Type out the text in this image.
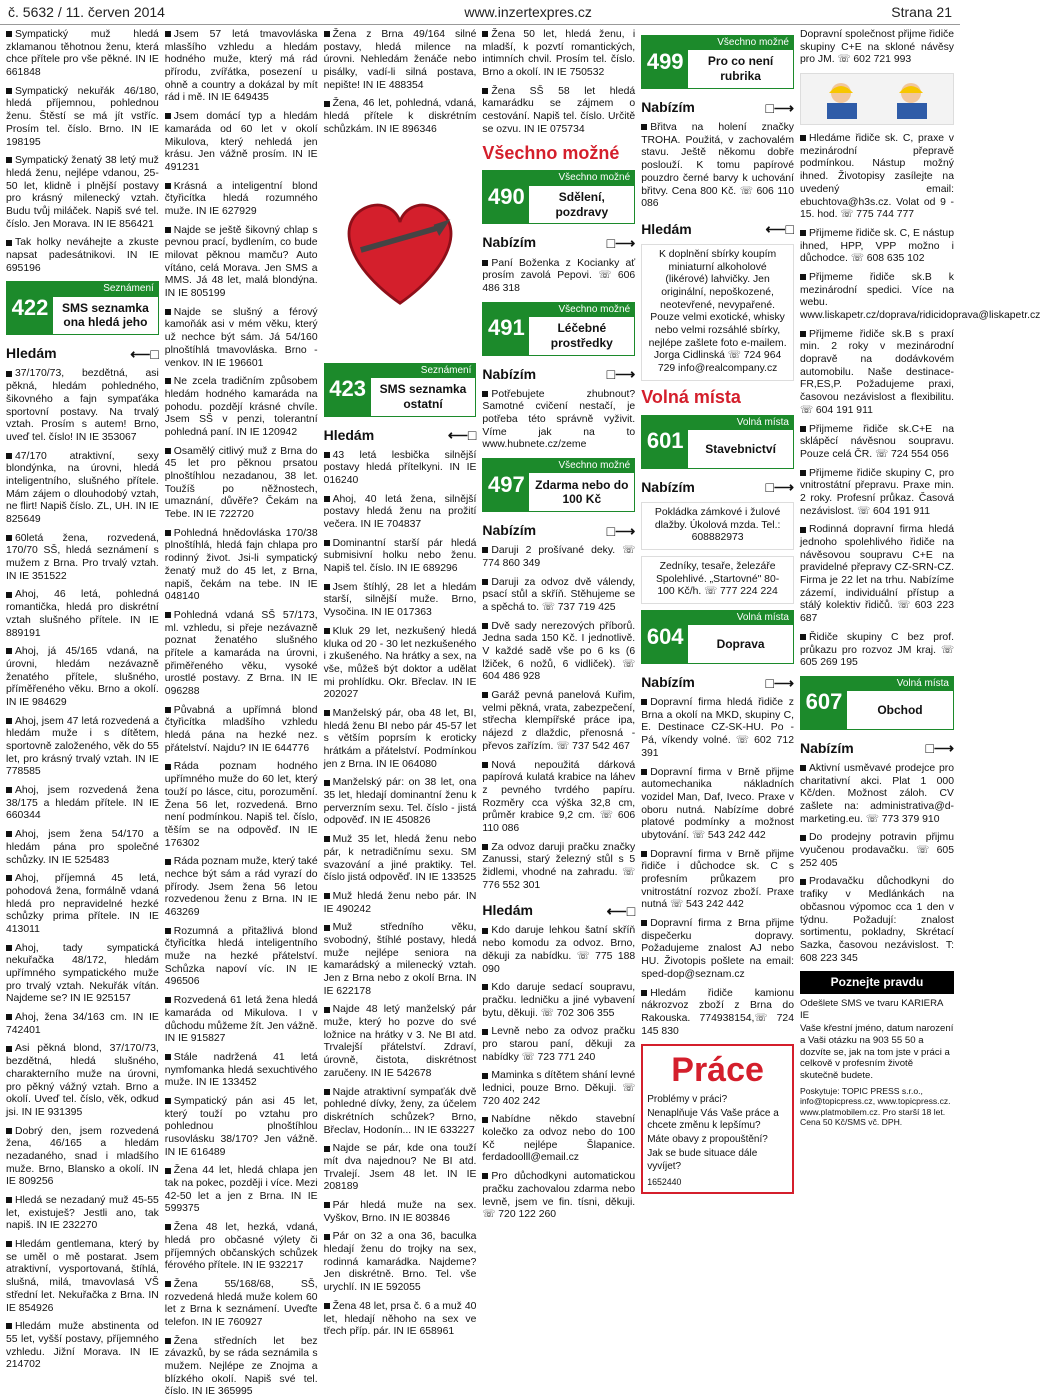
č. 5632 / 11. červen 2014	www.inzertexpres.cz	Strana 21
Sympatický muž hledá zklamanou těhotnou ženu, která chce přítele pro vše pěkné. IN IE 661848
Sympatický nekuřák 46/180, hledá příjemnou, pohlednou ženu. Štěstí se má jít vstříc. Prosím tel. číslo. Brno. IN IE 198195
Sympatický ženatý 38 letý muž hledá ženu, nejlépe vdanou, 25-50 let, klidně i plnější postavy pro krásný milenecký vztah. Budu tvůj miláček. Napiš své tel. číslo. Jen Morava. IN IE 856421
Tak holky neváhejte a zkuste napsat padesátnikovi. IN IE 695196
422
Seznámení
SMS seznamka ona hledá jeho
Hledám	⟵□
37/170/73, bezdětná, asi pěkná, hledám pohledného, šikovného a fajn sympaťáka sportovní postavy. Na trvalý vztah. Prosím s autem! Brno, uveď tel. číslo! IN IE 353067
47/170 atraktivní, sexy blondýnka, na úrovni, hledá inteligentního, slušného přítele. Mám zájem o dlouhodobý vztah, ne flirt! Napiš číslo. ZL, UH. IN IE 825649
60letá žena, rozvedená, 170/70 SŠ, hledá seznámení s mužem z Brna. Pro trvalý vztah. IN IE 351522
Ahoj, 46 letá, pohledná romantička, hledá pro diskrétní vztah slušného přítele. IN IE 889191
Ahoj, já 45/165 vdaná, na úrovni, hledám nezávazně ženatého přítele, slušného, příměřeného věku. Brno a okolí. IN IE 984629
Ahoj, jsem 47 letá rozvedená a hledám muže i s dítětem, sportovně založeného, věk do 55 let, pro krásný trvalý vztah. IN IE 778585
Ahoj, jsem rozvedená žena 38/175 a hledám přítele. IN IE 660344
Ahoj, jsem žena 54/170 a hledám pána pro společné schůzky. IN IE 525483
Ahoj, příjemná 45 letá, pohodová žena, formálně vdaná hledá pro nepravidelné hezké schůzky prima přítele. IN IE 413011
Ahoj, tady sympatická nekuřačka 48/172, hledám upřímného sympatického muže pro trvalý vztah. Nekuřák vítán. Najdeme se? IN IE 925157
Ahoj, žena 34/163 cm. IN IE 742401
Asi pěkná blond, 37/170/73, bezdětná, hledá slušného, charakterního muže na úrovni, pro pěkný vážný vztah. Brno a okolí. Uveď tel. číslo, věk, odkud jsi. IN IE 931395
Dobrý den, jsem rozvedená žena, 46/165 a hledám nezadaného, snad i mladšího muže. Brno, Blansko a okolí. IN IE 809256
Hledá se nezadaný muž 45-55 let, existuješ? Jestli ano, tak napiš. IN IE 232270
Hledám gentlemana, který by se uměl o mě postarat. Jsem atraktivní, vysportovaná, štíhlá, slušná, milá, tmavovlasá VŠ střední let. Nekuřačka z Brna. IN IE 854926
Hledám muže abstinenta od 55 let, vyšší postavy, příjemného vzhledu. Jižní Morava. IN IE 214702
Jsem 57 letá tmavovláska mlasšího vzhledu a hledám hodného muže, který má rád přírodu, zvířátka, posezení u ohně a country a dokázal by mít rád i mě. IN IE 649435
Jsem domácí typ a hledám kamaráda od 60 let v okolí Mikulova, který nehledá jen krásu. Jen vážně prosím. IN IE 491231
Krásná a inteligentní blond čtyřicítka hledá rozumného muže. IN IE 627929
Najde se ještě šikovný chlap s pevnou prací, bydlením, co bude milovat pěknou mamču? Auto vítáno, celá Morava. Jen SMS a MMS. Já 48 let, malá blondýna. IN IE 805199
Najde se slušný a férový kamoňák asi v mém věku, který už nechce být sám. Já 54/160 plnoštíhlá tmavovláska. Brno - venkov. IN IE 196601
Ne zcela tradičním způsobem hledám hodného kamaráda na pohodu. pozdějí krásné chvíle. Jsem SŠ v penzi, tolerantní pohledná paní. IN IE 120942
Osamělý citlivý muž z Brna do 45 let pro pěknou prsatou plnoštíhlou nezadanou, 38 let. Toužíš po něžnostech, umaznání, důvěře? Čekám na Tebe. IN IE 722720
Pohledná hnědovláska 170/38 plnoštíhlá, hledá fajn chlapa pro rodinný život. Jsi-li sympatický ženatý muž do 45 let, z Brna, napiš, čekám na tebe. IN IE 048140
Pohledná vdaná SŠ 57/173, ml. vzhledu, si přeje nezávazně poznat ženatého slušného přítele a kamaráda na úrovni, přiměřeného věku, vysoké urostlé postavy. Z Brna. IN IE 096288
Půvabná a upřímná blond čtyřicítka mladšího vzhledu hledá pána na hezké nez. přátelství. Najdu? IN IE 644776
Ráda poznam hodného upřímného muže do 60 let, který touží po lásce, citu, porozumění. Žena 56 let, rozvedená. Brno není podmínkou. Napiš tel. číslo, těším se na odpověď. IN IE 176302
Ráda poznam muže, který také nechce být sám a rád vyrazí do přírody. Jsem žena 56 letou rozvedenou ženu z Brna. IN IE 463269
Rozumná a přitažlivá blond čtyřicítka hledá inteligentního muže na hezké přátelství. Schůzka napoví víc. IN IE 496506
Rozvedená 61 letá žena hledá kamaráda od Mikulova. I v důchodu můžeme žít. Jen vážně. IN IE 915827
Stále nadržená 41 letá nymfomanka hledá sexuchtivého muže. IN IE 133452
Sympatický pán asi 45 let, který touží po vztahu pro pohlednou plnoštíhlou rusovlásku 38/170? Jen vážně. IN IE 616489
Žena 44 let, hledá chlapa jen tak na pokec, později i více. Mezi 42-50 let a jen z Brna. IN IE 599375
Žena 48 let, hezká, vdaná, hledá pro občasné výlety či příjemných občanských schůzek férového přítele. IN IE 932217
Žena 55/168/68, SŠ, rozvedená hledá muže kolem 60 let z Brna k seznámení. Uveďte telefon. IN IE 760927
Žena středních let bez závazků, by se ráda seznámila s mužem. Nejlépe ze Znojma a blízkého okolí. Napiš své tel. číslo. IN IE 365995
Žena z Brna 49/164 silné postavy, hledá milence na úrovni. Nehledám ženáče nebo pisálky, vadí-li silná postava, nepište! IN IE 488354
Žena, 46 let, pohledná, vdaná, hledá přítele k diskrétním schůzkám. IN IE 896346
423
Seznámení
SMS seznamka ostatní
Hledám	⟵□
43 letá lesbička silnější postavy hledá přítelkyni. IN IE 016240
Ahoj, 40 letá žena, silnější postavy hledá ženu na prožití večera. IN IE 704837
Dominantní starší pár hledá submisivní holku nebo ženu. Napiš tel. číslo. IN IE 689296
Jsem štíhlý, 28 let a hledám starší, silnější muže. Brno, Vysočina. IN IE 017363
Kluk 29 let, nezkušený hledá kluka od 20 - 30 let nezkušeného i zkušeného. Na hrátky a sex, na vše, můžeš být doktor a udělat mi prohlídku. Okr. Břeclav. IN IE 202027
Manželský pár, oba 48 let, BI, hledá ženu BI nebo pár 45-57 let s větším poprsím k eroticky hrátkám a přátelství. Podmínkou jen z Brna. IN IE 064080
Manželský pár: on 38 let, ona 35 let, hledají dominantní ženu k perverzním sexu. Tel. číslo - jistá odpověď. IN IE 450826
Muž 35 let, hledá ženu nebo pár, k netradičnímu sexu. SM svazování a jiné praktiky. Tel. číslo jistá odpověď. IN IE 133525
Muž hledá ženu nebo pár. IN IE 490242
Muž středního věku, svobodný, štíhlé postavy, hledá muže nejlépe seniora na kamarádský a milenecký vztah. Jen z Brna nebo z okolí Brna. IN IE 622178
Najde 48 letý manželský pár muže, který ho pozve do své ložnice na hrátky v 3. Ne BI atd. Trvalejší přátelství. Zdraví, úrovně, čistota, diskrétnost zaručeny. IN IE 542678
Najde atraktivní sympaťák dvě pohledné dívky, ženy, za účelem diskrétních schůzek? Brno, Břeclav, Hodonín... IN IE 633227
Najde se pár, kde ona touží mít dva najednou? Ne BI atd. Trvalejí. Jsem 48 let. IN IE 208189
Pár hledá muže na sex. Vyškov, Brno. IN IE 803846
Pár on 32 a ona 36, baculka hledají ženu do trojky na sex, rodinná kamarádka. Najdeme? Jen diskrétně. Brno. Tel. vše urychlí. IN IE 592055
Žena 48 let, prsa č. 6 a muž 40 let, hledají něhoho na sex ve třech příp. pár. IN IE 658961
Žena 50 let, hledá ženu, i mladší, k pozvtí romantických, intimních chvil. Prosím tel. číslo. Brno a okolí. IN IE 750532
Žena SŠ 58 let hledá kamarádku se zájmem o cestování. Napiš tel. číslo. Určitě se ozvu. IN IE 075734
Všechno možné
490
Všechno možné
Sdělení, pozdravy
Nabízím	□⟶
Paní Boženka z Kocianky ať prosím zavolá Pepovi. ☏ 606 486 318
491
Všechno možné
Léčebné prostředky
Nabízím	□⟶
Potřebujete zhubnout? Samotné cvičení nestačí, je potřeba této správně vyživit. Víme jak na to www.hubnete.cz/zeme
497
Všechno možné
Zdarma nebo do 100 Kč
Nabízím	□⟶
Daruji 2 prošívané deky. ☏ 774 860 349
Daruji za odvoz dvě válendy, psací stůl a skříň. Stěhujeme se a spěchá to. ☏ 737 719 425
Dvě sady nerezových příborů. Jedna sada 150 Kč. I jednotlivě. V každé sadě vše po 6 ks (6 lžiček, 6 nožů, 6 vidliček). ☏ 604 486 928
Garáž pevná panelová Kuřim, velmi pěkná, vrata, zabezpečení, střecha klempířské práce ipa, nájezd z dlaždic, přenosná - převos zařízím. ☏ 737 542 467
Nová nepoužitá dárková papírová kulatá krabice na láhev z pevného tvrdého papíru. Rozměry cca výška 32,8 cm, průměr krabice 9,2 cm. ☏ 606 110 086
Za odvoz daruji pračku značky Zanussi, starý železný stůl s 5 židlemi, vhodné na zahradu. ☏ 776 552 301
Hledám	⟵□
Kdo daruje lehkou šatní skříň nebo komodu za odvoz. Brno, děkuji za nabídku. ☏ 775 188 090
Kdo daruje sedací soupravu, pračku. ledničku a jiné vybavení bytu, děkuji. ☏ 702 306 355
Levně nebo za odvoz pračku pro starou paní, děkuji za nabídky ☏ 723 771 240
Maminka s dítětem shání levné lednici, pouze Brno. Děkuji. ☏ 720 402 242
Nabídne někdo stavební kolečko za odvoz nebo do 100 Kč nejlépe Šlapanice. ferdadoolll@email.cz
Pro důchodkyni automatickou pračku zachovalou zdarma nebo levně, jsem ve fin. tísni, děkuji. ☏ 720 122 260
499
Všechno možné
Pro co není rubrika
Nabízím	□⟶
Břitva na holení značky TROHA. Použitá, v zachovalém stavu. Ještě někomu dobře poslouží. K tomu papírové pouzdro černé barvy k uchování břitvy. Cena 800 Kč. ☏ 606 110 086
Hledám	⟵□
K doplnění sbírky koupím miniaturní alkoholové (likérové) lahvičky. Jen originální, nepoškozené, neotevřené, nevypařené. Pouze velmi exotické, whisky nebo velmi rozsáhlé sbírky, nejlépe zašlete foto e-mailem. Jorga Cidlinská ☏ 724 964 729 info@realcompany.cz
Volná místa
601
Volná místa
Stavebnictví
Nabízím	□⟶
Pokládka zámkové i žulové dlažby. Úkolová mzda. Tel.: 608882973
Zedníky, tesaře, železáře Spolehlivé. „Startovné" 80-100 Kč/h. ☏ 777 224 224
604
Volná místa
Doprava
Nabízím	□⟶
Dopravní firma hledá řidiče z Brna a okolí na MKD, skupiny C, E. Destinace CZ-SK-HU. Po - Pá, víkendy volné. ☏ 602 712 391
Dopravní firma v Brně přijme automechanika nákladních vozidel Man, Daf, Iveco. Praxe v oboru nutná. Nabízíme dobré platové podmínky a možnost ubytování. ☏ 543 242 442
Dopravní firma v Brně přijme řidiče i důchodce sk. C s profesním průkazem pro vnitrostátní rozvoz zboží. Praxe nutná ☏ 543 242 442
Dopravní firma z Brna přijme dispečerku dopravy. Požadujeme znalost AJ nebo HU. Životopis pošlete na email: sped-dop@seznam.cz
Hledám řidiče kamionu nákrozvoz zboží z Brna do Rakouska. 774938154,☏ 724 145 830
Práce
Problémy v práci?
Nenaplňuje Vás Vaše práce a chcete změnu k lepšímu?
Máte obavy z propouštění?
Jak se bude situace dále vyvíjet?
1652440
Dopravní společnost přijme řidiče skupiny C+E na skloné návěsy pro JM. ☏ 602 721 993
Hledáme řidiče sk. C, praxe v mezinárodní přepravě podmínkou. Nástup možný ihned. Životopisy zasílejte na uvedený email: ebuchtova@h3s.cz. Volat od 9 - 15. hod. ☏ 775 744 777
Přijmeme řidiče sk. C, E nástup ihned, HPP, VPP možno i důchodce. ☏ 608 635 102
Přijmeme řidiče sk.B k mezinárodní spedici. Více na webu. www.liskapetr.cz/doprava/ridicidoprava@liskapetr.cz
Přijmeme řidiče sk.B s praxí min. 2 roky v mezinárodní dopravě na dodávkovém automobilu. Naše destinace-FR,ES,P. Požadujeme praxi, časovou nezávislost a flexibilitu. ☏ 604 191 911
Přijmeme řidiče sk.C+E na sklápěcí návěsnou soupravu. Pouze celá ČR. ☏ 724 554 056
Přijmeme řidiče skupiny C, pro vnitrostátní přepravu. Praxe min. 2 roky. Profesní průkaz. Časová nezávislost. ☏ 604 191 911
Rodinná dopravní firma hledá jednoho spolehlivého řidiče na návěsovou soupravu C+E na pravidelné přepravy CZ-SRN-CZ. Firma je 22 let na trhu. Nabízíme zázemí, individuální přístup a stálý kolektiv řidičů. ☏ 603 223 687
Řidiče skupiny C bez prof. průkazu pro rozvoz JM kraj. ☏ 605 269 195
607
Volná místa
Obchod
Nabízím	□⟶
Aktivní usměvavé prodejce pro charitativní akci. Plat 1 000 Kč/den. Možnost záloh. CV zašlete na: administrativa@d-marketing.eu. ☏ 773 379 910
Do prodejny potravin přijmu vyučenou prodavačku. ☏ 605 252 405
Prodavačku důchodkyni do trafiky v Medlánkách na občasnou výpomoc cca 1 den v týdnu. Požadují: znalost sortimentu, pokladny, Skrétací Sazka, časovou nezávislost. T: 608 223 345
Poznejte pravdu
Odešlete SMS ve tvaru KARIERA IE
Vaše křestní jméno, datum narození a Vaši otázku na 903 55 50 a dozvíte se, jak na tom jste v práci a celkově v profesním životě skutečně budete.
Poskytuje: TOPIC PRESS s.r.o., info@topicpress.cz, www.topicpress.cz. www.platmobilem.cz. Pro starší 18 let. Cena 50 Kč/SMS vč. DPH.
